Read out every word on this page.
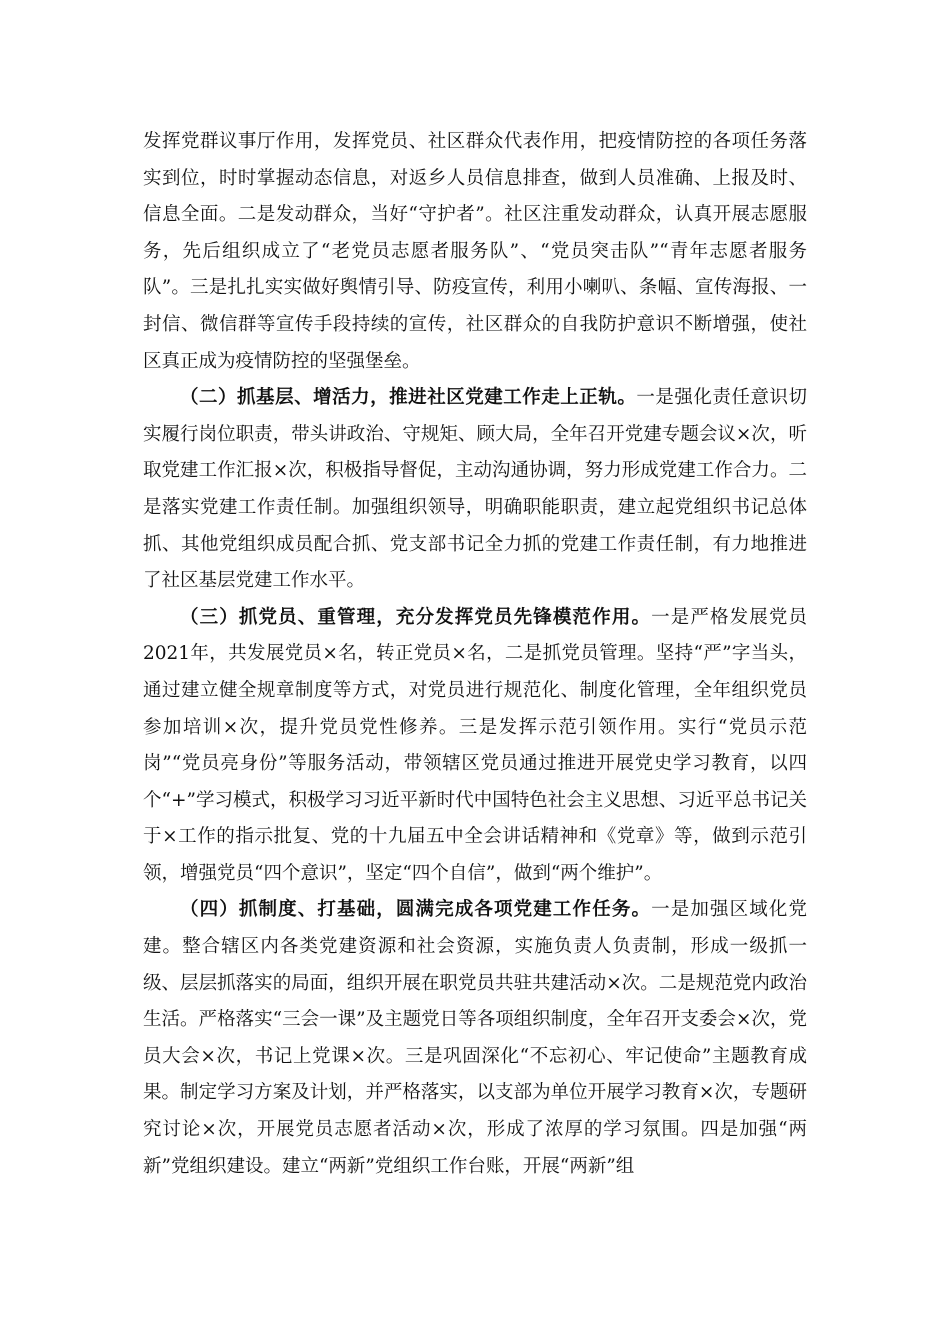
发挥党群议事厅作用，发挥党员、社区群众代表作用，把疫情防控的各项任务落实到位，时时掌握动态信息，对返乡人员信息排查，做到人员准确、上报及时、信息全面。二是发动群众，当好“守护者”。社区注重发动群众，认真开展志愿服务，先后组织成立了“老党员志愿者服务队”、“党员突击队”“青年志愿者服务队”。三是扎扎实实做好舆情引导、防疫宣传，利用小喇叭、条幅、宣传海报、一封信、微信群等宣传手段持续的宣传，社区群众的自我防护意识不断增强，使社区真正成为疫情防控的坚强堡垒。

（二）抓基层、增活力，推进社区党建工作走上正轨。一是强化责任意识切实履行岗位职责，带头讲政治、守规矩、顾大局，全年召开党建专题会议×次，听取党建工作汇报×次，积极指导督促，主动沟通协调，努力形成党建工作合力。二是落实党建工作责任制。加强组织领导，明确职能职责，建立起党组织书记总体抓、其他党组织成员配合抓、党支部书记全力抓的党建工作责任制，有力地推进了社区基层党建工作水平。

（三）抓党员、重管理，充分发挥党员先锋模范作用。一是严格发展党员2021年，共发展党员×名，转正党员×名，二是抓党员管理。坚持“严”字当头，通过建立健全规章制度等方式，对党员进行规范化、制度化管理，全年组织党员参加培训×次，提升党员党性修养。三是发挥示范引领作用。实行“党员示范岗”“党员亮身份”等服务活动，带领辖区党员通过推进开展党史学习教育，以四个“+”学习模式，积极学习习近平新时代中国特色社会主义思想、习近平总书记关于×工作的指示批复、党的十九届五中全会讲话精神和《党章》等，做到示范引领，增强党员“四个意识”，坚定“四个自信”，做到“两个维护”。

（四）抓制度、打基础，圆满完成各项党建工作任务。一是加强区域化党建。整合辖区内各类党建资源和社会资源，实施负责人负责制，形成一级抓一级、层层抓落实的局面，组织开展在职党员共驻共建活动×次。二是规范党内政治生活。严格落实“三会一课”及主题党日等各项组织制度，全年召开支委会×次，党员大会×次，书记上党课×次。三是巩固深化“不忘初心、牢记使命”主题教育成果。制定学习方案及计划，并严格落实，以支部为单位开展学习教育×次，专题研究讨论×次，开展党员志愿者活动×次，形成了浓厚的学习氛围。四是加强“两新”党组织建设。建立“两新”党组织工作台账，开展“两新”组
